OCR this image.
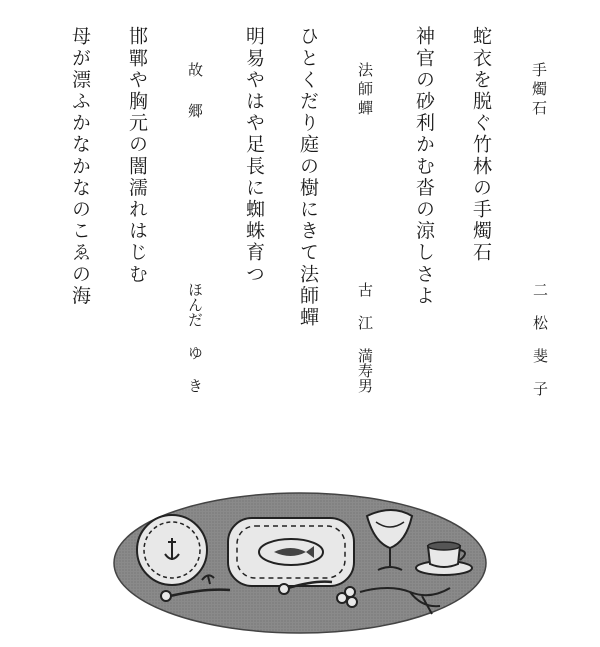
手燭石
二 松 斐 子
蛇衣を脱ぐ竹林の手燭石
神官の砂利かむ沓の涼しさよ
法師蟬
古 江 満寿男
ひとくだり庭の樹にきて法師蟬
明易やはや足長に蜘蛛育つ
故 郷
ほんだ ゆ き
邯鄲や胸元の闇濡れはじむ
母が漂ふかなかなのこゑの海
